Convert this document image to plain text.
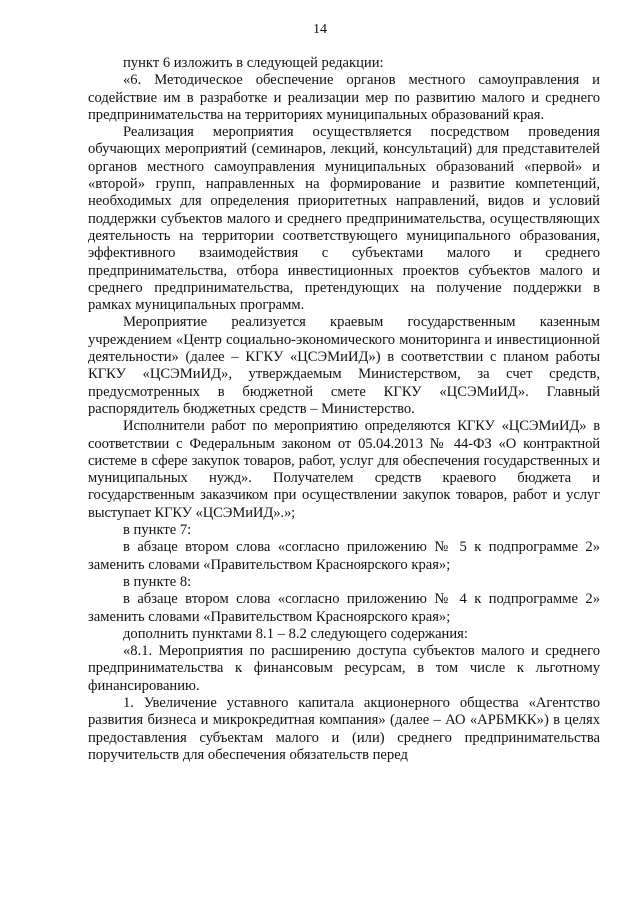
14

пункт 6 изложить в следующей редакции:

«6. Методическое обеспечение органов местного самоуправления и содействие им в разработке и реализации мер по развитию малого и среднего предпринимательства на территориях муниципальных образований края.

Реализация мероприятия осуществляется посредством проведения обучающих мероприятий (семинаров, лекций, консультаций) для представителей органов местного самоуправления муниципальных образований «первой» и «второй» групп, направленных на формирование и развитие компетенций, необходимых для определения приоритетных направлений, видов и условий поддержки субъектов малого и среднего предпринимательства, осуществляющих деятельность на территории соответствующего муниципального образования, эффективного взаимодействия с субъектами малого и среднего предпринимательства, отбора инвестиционных проектов субъектов малого и среднего предпринимательства, претендующих на получение поддержки в рамках муниципальных программ.

Мероприятие реализуется краевым государственным казенным учреждением «Центр социально-экономического мониторинга и инвестиционной деятельности» (далее – КГКУ «ЦСЭМиИД») в соответствии с планом работы КГКУ «ЦСЭМиИД», утверждаемым Министерством, за счет средств, предусмотренных в бюджетной смете КГКУ «ЦСЭМиИД». Главный распорядитель бюджетных средств – Министерство.

Исполнители работ по мероприятию определяются КГКУ «ЦСЭМиИД» в соответствии с Федеральным законом от 05.04.2013 № 44-ФЗ «О контрактной системе в сфере закупок товаров, работ, услуг для обеспечения государственных и муниципальных нужд». Получателем средств краевого бюджета и государственным заказчиком при осуществлении закупок товаров, работ и услуг выступает КГКУ «ЦСЭМиИД».»;

в пункте 7:

в абзаце втором слова «согласно приложению № 5 к подпрограмме 2» заменить словами «Правительством Красноярского края»;

в пункте 8:

в абзаце втором слова «согласно приложению № 4 к подпрограмме 2» заменить словами «Правительством Красноярского края»;

дополнить пунктами 8.1 – 8.2 следующего содержания:

«8.1. Мероприятия по расширению доступа субъектов малого и среднего предпринимательства к финансовым ресурсам, в том числе к льготному финансированию.

1. Увеличение уставного капитала акционерного общества «Агентство развития бизнеса и микрокредитная компания» (далее – АО «АРБМКК») в целях предоставления субъектам малого и (или) среднего предпринимательства поручительств для обеспечения обязательств перед
